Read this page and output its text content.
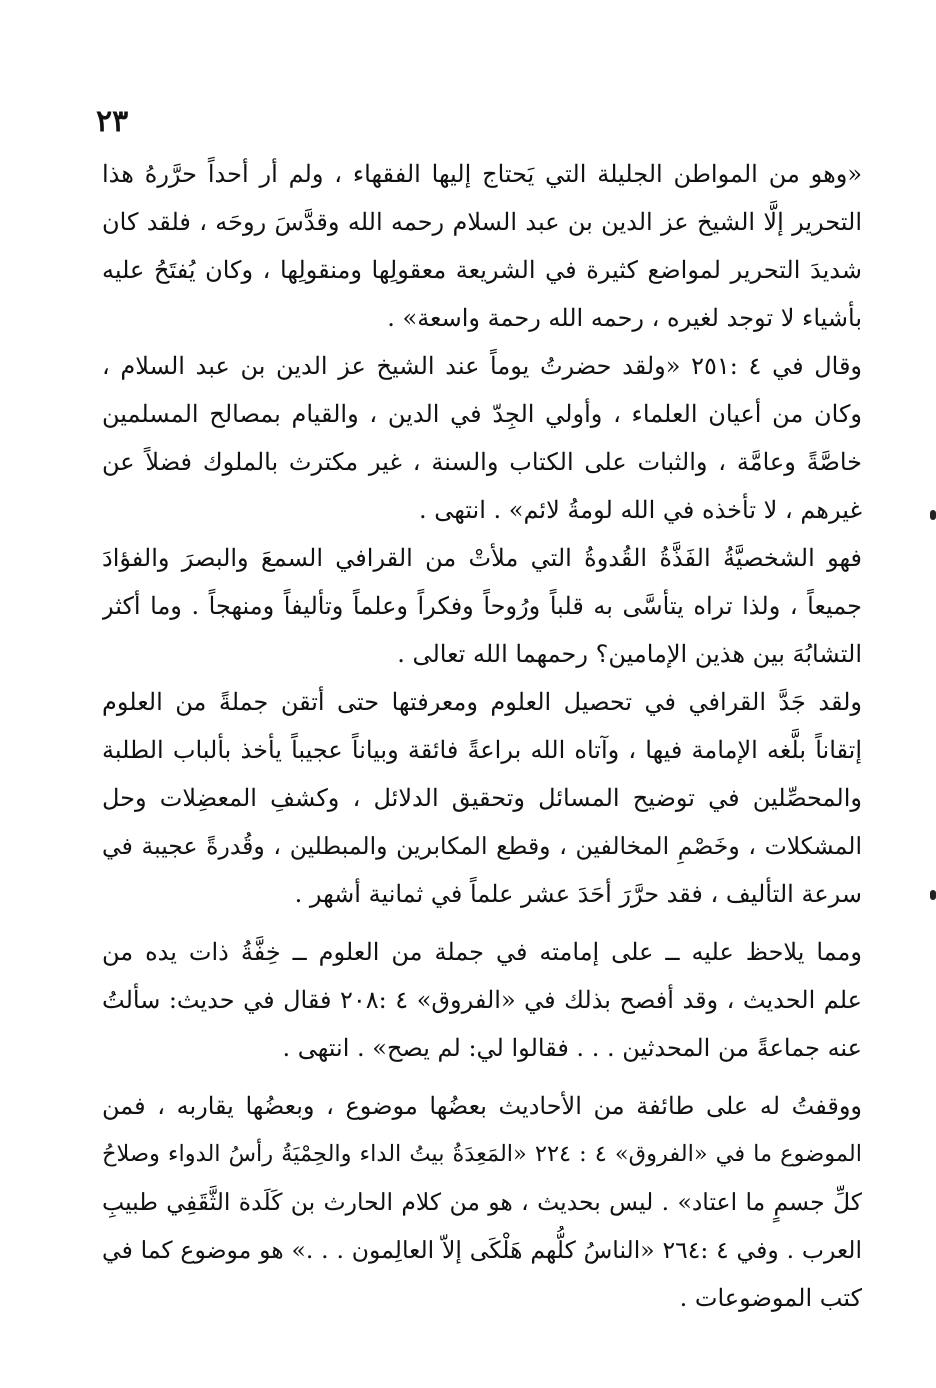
٢٣
«وهو من المواطن الجليلة التي يَحتاج إليها الفقهاء ، ولم أر أحداً حرَّرهُ هذا
التحرير إلَّا الشيخ عز الدين بن عبد السلام رحمه الله وقدَّسَ روحَه ، فلقد كان
شديدَ التحرير لمواضع كثيرة في الشريعة معقولِها ومنقولِها ، وكان يُفتَحُ عليه
بأشياء لا توجد لغيره ، رحمه الله رحمة واسعة» .
وقال في ٤ :٢٥١ «ولقد حضرتُ يوماً عند الشيخ عز الدين بن عبد السلام ،
وكان من أعيان العلماء ، وأولي الجِدّ في الدين ، والقيام بمصالح المسلمين
خاصَّةً وعامَّة ، والثبات على الكتاب والسنة ، غير مكترث بالملوك فضلاً عن
غيرهم ، لا تأخذه في الله لومةُ لائم» . انتهى .
فهو الشخصيَّةُ الفَذَّةُ القُدوةُ التي ملأتْ من القرافي السمعَ والبصرَ والفؤادَ
جميعاً ، ولذا تراه يتأسَّى به قلباً ورُوحاً وفكراً وعلماً وتأليفاً ومنهجاً . وما أكثر
التشابُهَ بين هذين الإمامين؟ رحمهما الله تعالى .
ولقد جَدَّ القرافي في تحصيل العلوم ومعرفتها حتى أتقن جملةً من العلوم
إتقاناً بلَّغه الإمامة فيها ، وآتاه الله براعةً فائقة وبياناً عجيباً يأخذ بألباب الطلبة
والمحصِّلين في توضيح المسائل وتحقيق الدلائل ، وكشفِ المعضِلات وحل
المشكلات ، وخَصْمِ المخالفين ، وقطع المكابرين والمبطلين ، وقُدرةً عجيبة في
سرعة التأليف ، فقد حرَّرَ أحَدَ عشر علماً في ثمانية أشهر .
ومما يلاحظ عليه ــ على إمامته في جملة من العلوم ــ خِفَّةُ ذات يده من
علم الحديث ، وقد أفصح بذلك في «الفروق» ٤ :٢٠٨ فقال في حديث: سألتُ
عنه جماعةً من المحدثين . . . فقالوا لي: لم يصح» . انتهى .
ووقفتُ له على طائفة من الأحاديث بعضُها موضوع ، وبعضُها يقاربه ، فمن
الموضوع ما في «الفروق» ٤ : ٢٢٤ «المَعِدَةُ بيتُ الداء والحِمْيَةُ رأسُ الدواء وصلاحُ
كلِّ جسمٍ ما اعتاد» . ليس بحديث ، هو من كلام الحارث بن كَلَدة الثَّقَفِي طبيبِ
العرب . وفي ٤ :٢٦٤ «الناسُ كلُّهم هَلْكَى إلاّ العالِمون . . .» هو موضوع كما في
كتب الموضوعات .
